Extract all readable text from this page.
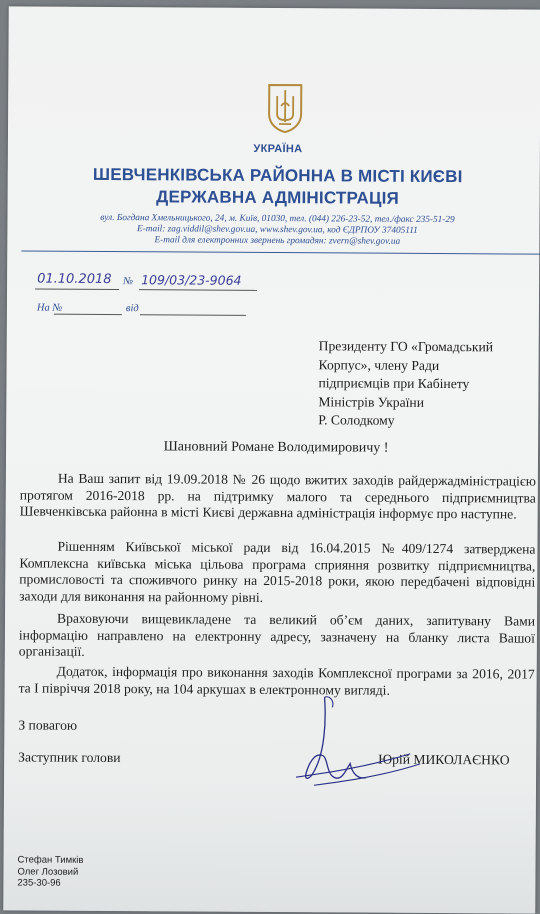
УКРАЇНА
ШЕВЧЕНКІВСЬКА РАЙОННА В МІСТІ КИЄВІ
ДЕРЖАВНА АДМІНІСТРАЦІЯ
вул. Богдана Хмельницького, 24, м. Київ, 01030, тел. (044) 226-23-52, тел./факс 235-51-29
E-mail: zag.viddil@shev.gov.ua, www.shev.gov.ua, код ЄДРПОУ 37405111
E-mail для електронних звернень громадян: zvern@shev.gov.ua
01.10.2018 № 109/03/23-9064
На №	від
Президенту ГО «Громадський
Корпус», члену Ради
підприємців при Кабінету
Міністрів України
Р. Солодкому
Шановний Романе Володимировичу !
На Ваш запит від 19.09.2018 № 26 щодо вжитих заходів райдержадміністрацією протягом 2016-2018 рр. на підтримку малого та середнього підприємництва Шевченківська районна в місті Києві державна адміністрація інформує про наступне.
Рішенням Київської міської ради від 16.04.2015 №409/1274 затверджена Комплексна київська міська цільова програма сприяння розвитку підприємництва, промисловості та споживчого ринку на 2015-2018 роки, якою передбачені відповідні заходи для виконання на районному рівні.
Враховуючи вищевикладене та великий об’єм даних, запитувану Вами інформацію направлено на електронну адресу, зазначену на бланку листа Вашої організації.
Додаток, інформація про виконання заходів Комплексної програми за 2016, 2017 та I півріччя 2018 року, на 104 аркушах в електронному вигляді.
З повагою
Заступник голови	Юрій МИКОЛАЄНКО
Стефан Тимків
Олег Лозовий
235-30-96
